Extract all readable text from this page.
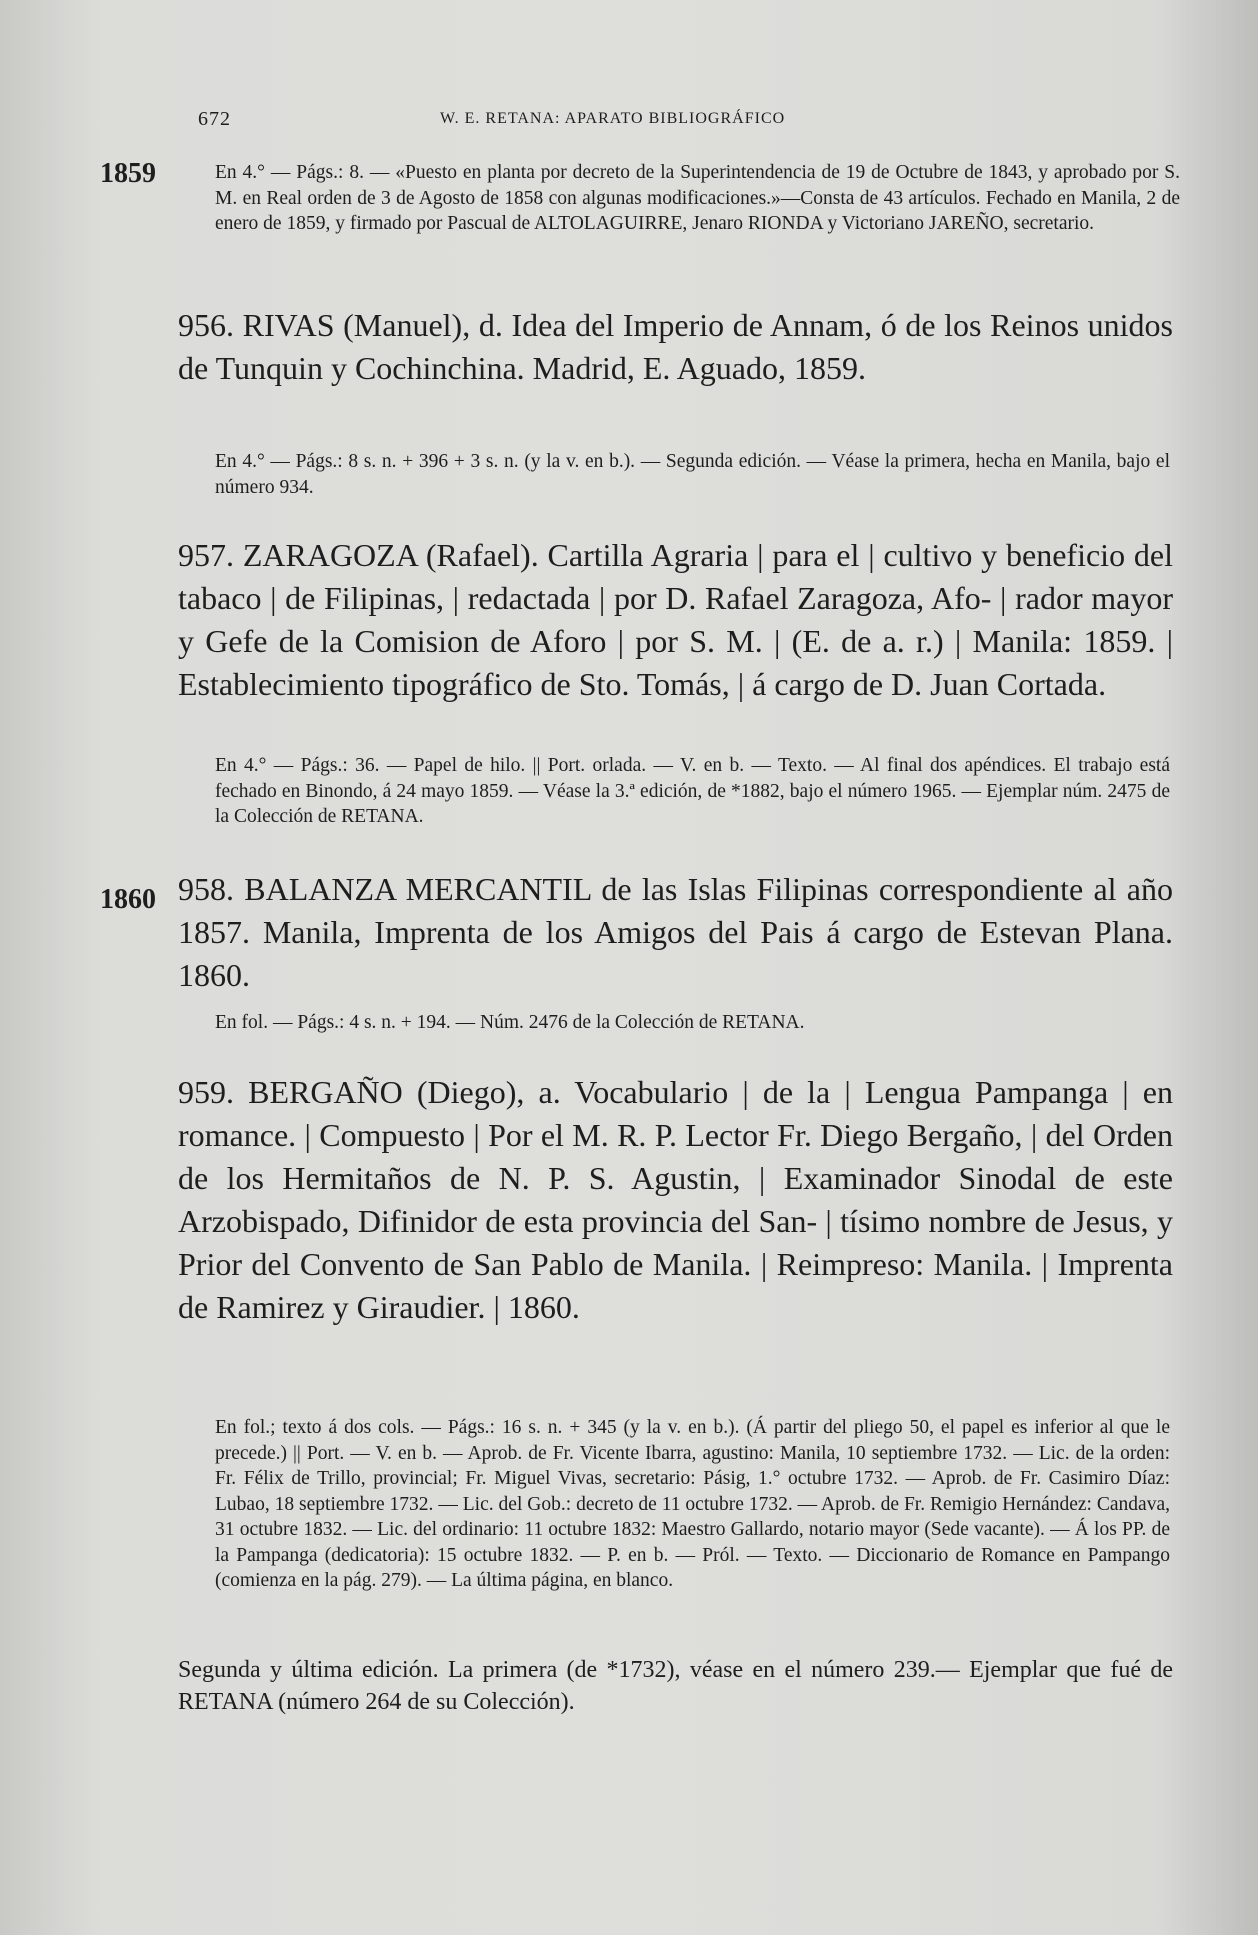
672	W. E. RETANA: APARATO BIBLIOGRÁFICO
1859	En 4.° — Págs.: 8. — «Puesto en planta por decreto de la Superintendencia de 19 de Octubre de 1843, y aprobado por S. M. en Real orden de 3 de Agosto de 1858 con algunas modificaciones.»—Consta de 43 artículos. Fechado en Manila, 2 de enero de 1859, y firmado por Pascual de ALTOLAGUIRRE, Jenaro RIONDA y Victoriano JAREÑO, secretario.
956. RIVAS (Manuel), d. Idea del Imperio de Annam, ó de los Reinos unidos de Tunquin y Cochinchina. Madrid, E. Aguado, 1859.
En 4.° — Págs.: 8 s. n. + 396 + 3 s. n. (y la v. en b.). — Segunda edición. — Véase la primera, hecha en Manila, bajo el número 934.
957. ZARAGOZA (Rafael). Cartilla Agraria | para el | cultivo y beneficio del tabaco | de Filipinas, | redactada | por D. Rafael Zaragoza, Afo- | rador mayor y Gefe de la Comision de Aforo | por S. M. | (E. de a. r.) | Manila: 1859. | Establecimiento tipográfico de Sto. Tomás, | á cargo de D. Juan Cortada.
En 4.° — Págs.: 36. — Papel de hilo. || Port. orlada. — V. en b. — Texto. — Al final dos apéndices. El trabajo está fechado en Binondo, á 24 mayo 1859. — Véase la 3.ª edición, de *1882, bajo el número 1965. — Ejemplar núm. 2475 de la Colección de RETANA.
1860 958. BALANZA MERCANTIL de las Islas Filipinas correspondiente al año 1857. Manila, Imprenta de los Amigos del Pais á cargo de Estevan Plana. 1860.
En fol. — Págs.: 4 s. n. + 194. — Núm. 2476 de la Colección de RETANA.
959. BERGAÑO (Diego), a. Vocabulario | de la | Lengua Pampanga | en romance. | Compuesto | Por el M. R. P. Lector Fr. Diego Bergaño, | del Orden de los Hermitaños de N. P. S. Agustin, | Examinador Sinodal de este Arzobispado, Difinidor de esta provincia del San- | tísimo nombre de Jesus, y Prior del Convento de San Pablo de Manila. | Reimpreso: Manila. | Imprenta de Ramirez y Giraudier. | 1860.
En fol.; texto á dos cols. — Págs.: 16 s. n. + 345 (y la v. en b.). (Á partir del pliego 50, el papel es inferior al que le precede.) || Port. — V. en b. — Aprob. de Fr. Vicente Ibarra, agustino: Manila, 10 septiembre 1732. — Lic. de la orden: Fr. Félix de Trillo, provincial; Fr. Miguel Vivas, secretario: Pásig, 1.° octubre 1732. — Aprob. de Fr. Casimiro Díaz: Lubao, 18 septiembre 1732. — Lic. del Gob.: decreto de 11 octubre 1732. — Aprob. de Fr. Remigio Hernández: Candava, 31 octubre 1832. — Lic. del ordinario: 11 octubre 1832: Maestro Gallardo, notario mayor (Sede vacante). — Á los PP. de la Pampanga (dedicatoria): 15 octubre 1832. — P. en b. — Pról. — Texto. — Diccionario de Romance en Pampango (comienza en la pág. 279). — La última página, en blanco.
Segunda y última edición. La primera (de *1732), véase en el número 239.— Ejemplar que fué de RETANA (número 264 de su Colección).
